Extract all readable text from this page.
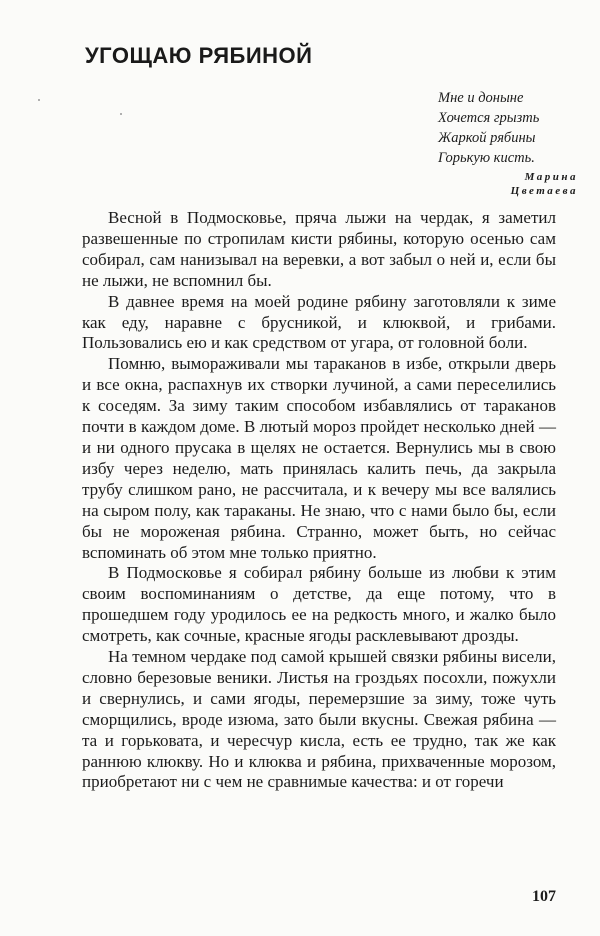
УГОЩАЮ РЯБИНОЙ
Мне и доныне
Хочется грызть
Жаркой рябины
Горькую кисть.
Марина
Цветаева

Весной в Подмосковье, пряча лыжи на чердак, я заметил развешенные по стропилам кисти рябины, которую осенью сам собирал, сам нанизывал на веревки, а вот забыл о ней и, если бы не лыжи, не вспомнил бы.

В давнее время на моей родине рябину заготовляли к зиме как еду, наравне с брусникой, и клюквой, и грибами. Пользовались ею и как средством от угара, от головной боли.

Помню, вымораживали мы тараканов в избе, открыли дверь и все окна, распахнув их створки лучиной, а сами переселились к соседям. За зиму таким способом избавлялись от тараканов почти в каждом доме. В лютый мороз пройдет несколько дней — и ни одного прусака в щелях не остается. Вернулись мы в свою избу через неделю, мать принялась калить печь, да закрыла трубу слишком рано, не рассчитала, и к вечеру мы все валялись на сыром полу, как тараканы. Не знаю, что с нами было бы, если бы не мороженая рябина. Странно, может быть, но сейчас вспоминать об этом мне только приятно.

В Подмосковье я собирал рябину больше из любви к этим своим воспоминаниям о детстве, да еще потому, что в прошедшем году уродилось ее на редкость много, и жалко было смотреть, как сочные, красные ягоды расклевывают дрозды.

На темном чердаке под самой крышей связки рябины висели, словно березовые веники. Листья на гроздьях посохли, пожухли и свернулись, и сами ягоды, перемерзшие за зиму, тоже чуть сморщились, вроде изюма, зато были вкусны. Свежая рябина — та и горьковата, и чересчур кисла, есть ее трудно, так же как раннюю клюкву. Но и клюква и рябина, прихваченные морозом, приобретают ни с чем не сравнимые качества: и от горечи

107
